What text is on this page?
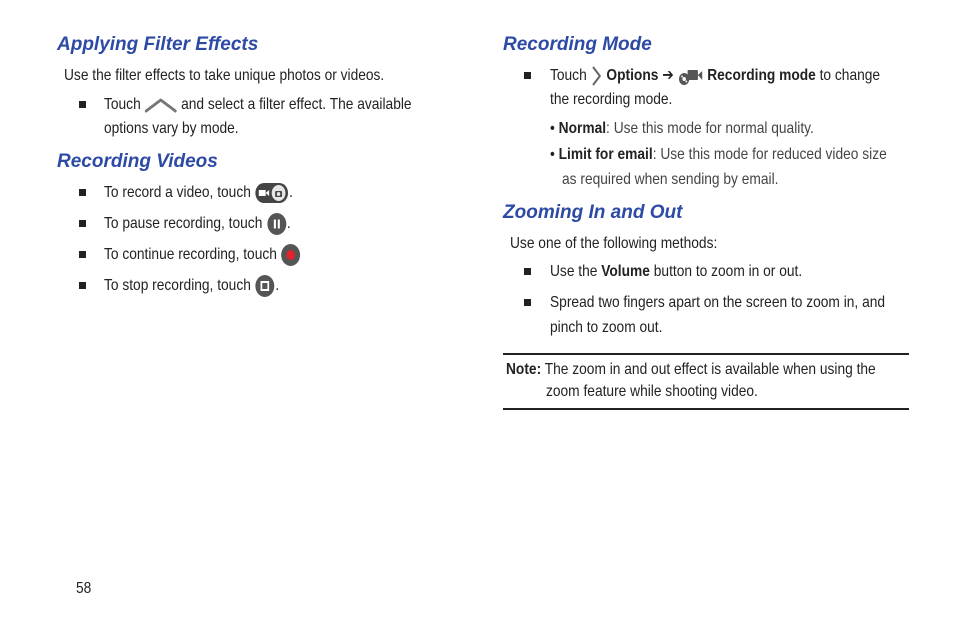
Applying Filter Effects

Use the filter effects to take unique photos or videos.

Touch	and select a filter effect. The available

options vary by mode.

Recording Videos

To record a video, touch .

To pause recording, touch .

To continue recording, touch

To stop recording, touch .

Recording Mode

Touch Options ➔ Recording mode to change

the recording mode.

• Normal: Use this mode for normal quality.

• Limit for email: Use this mode for reduced video size

as required when sending by email.

Zooming In and Out

Use one of the following methods:

Use the Volume button to zoom in or out.

Spread two fingers apart on the screen to zoom in, and

pinch to zoom out.

Note: The zoom in and out effect is available when using the

zoom feature while shooting video.

58
